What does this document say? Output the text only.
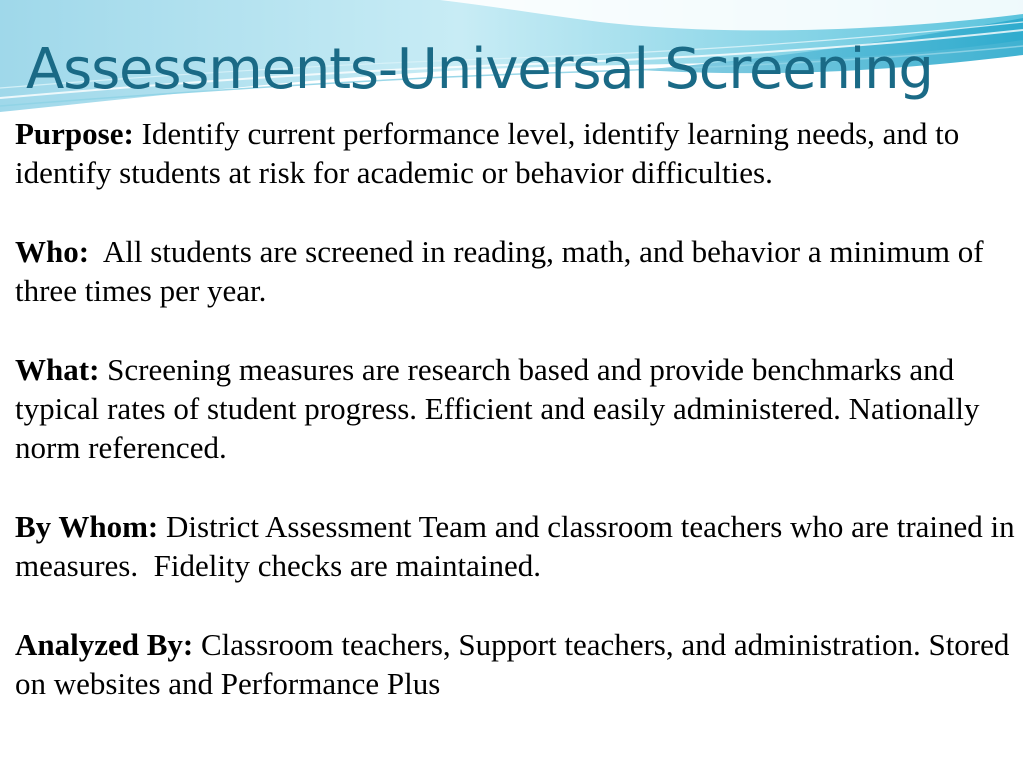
Assessments-Universal Screening

Purpose: Identify current performance level, identify learning needs, and to identify students at risk for academic or behavior difficulties.

Who:  All students are screened in reading, math, and behavior a minimum of three times per year.

What: Screening measures are research based and provide benchmarks and typical rates of student progress. Efficient and easily administered. Nationally norm referenced.

By Whom: District Assessment Team and classroom teachers who are trained in measures.  Fidelity checks are maintained.

Analyzed By: Classroom teachers, Support teachers, and administration. Stored on websites and Performance Plus
